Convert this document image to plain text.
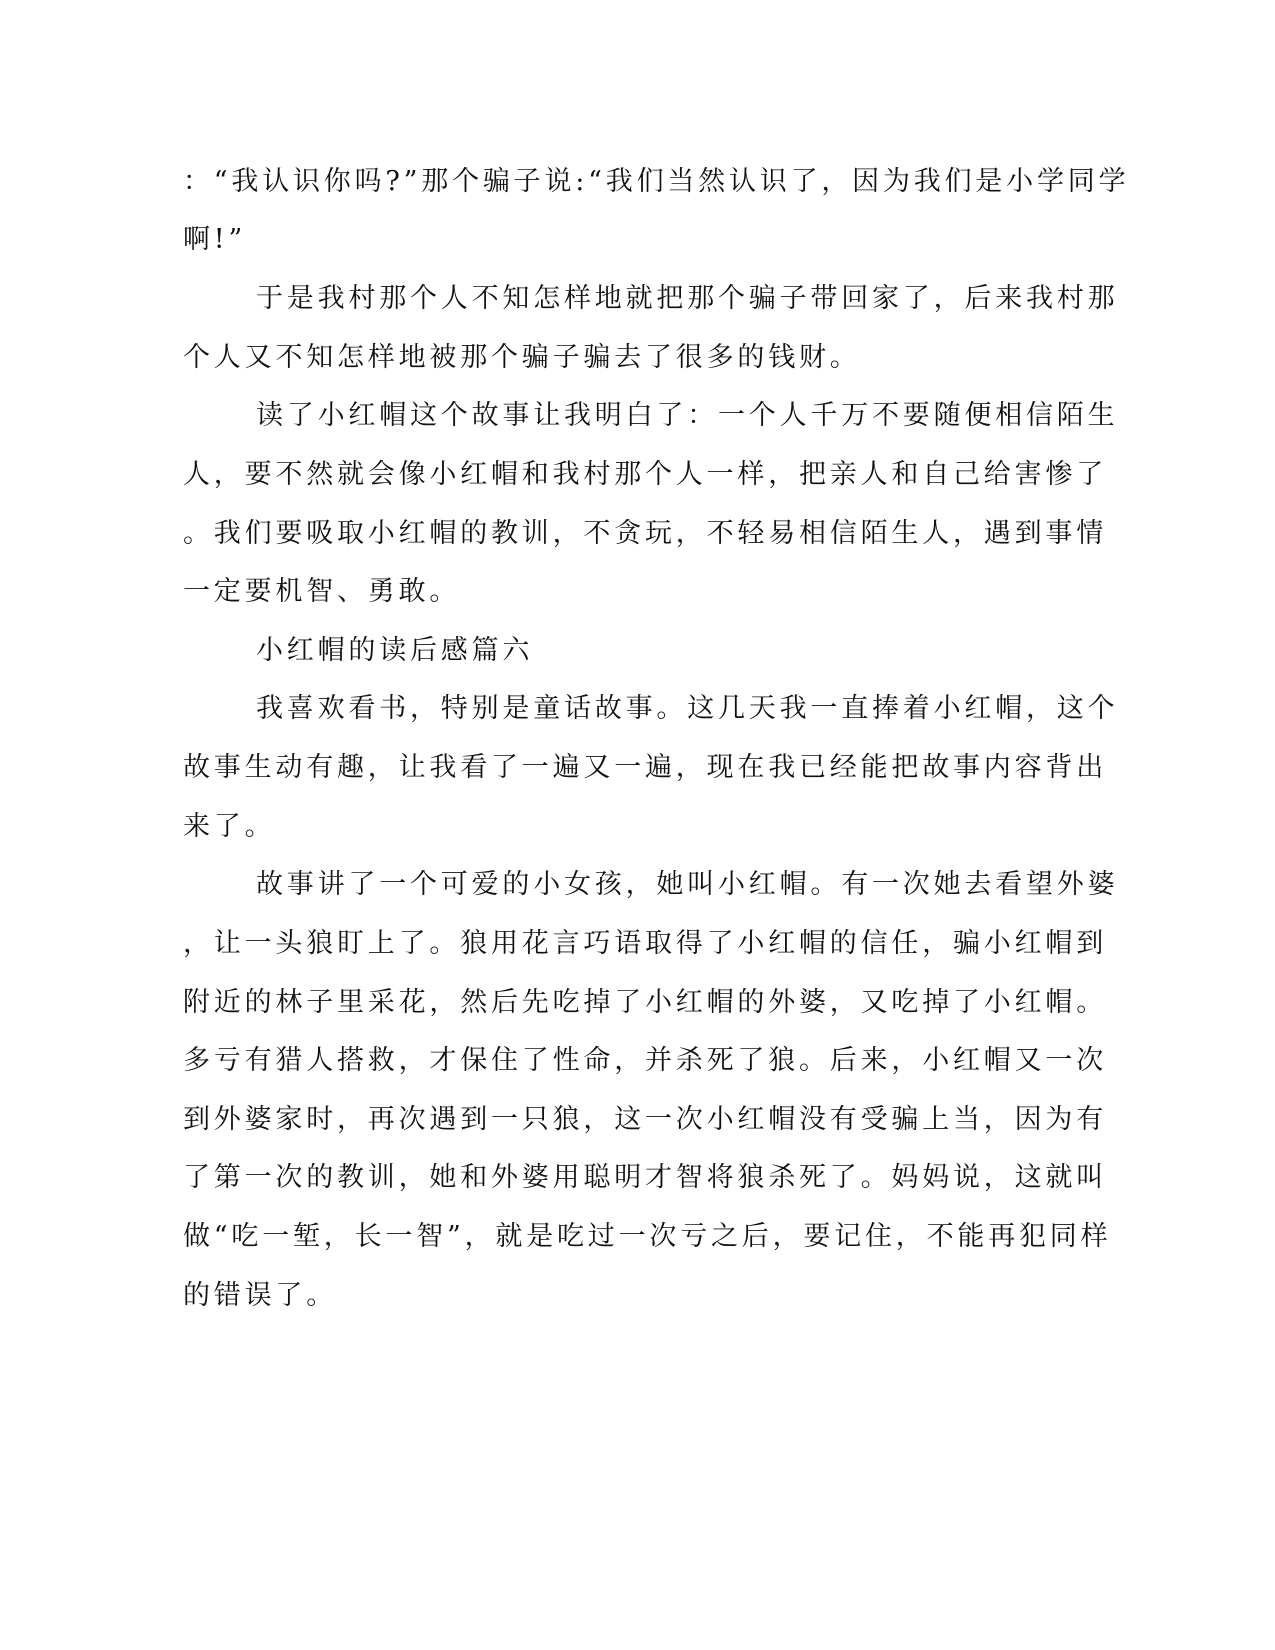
：“我认识你吗?”那个骗子说:“我们当然认识了，因为我们是小学同学
啊!”
于是我村那个人不知怎样地就把那个骗子带回家了，后来我村那
个人又不知怎样地被那个骗子骗去了很多的钱财。
读了小红帽这个故事让我明白了：一个人千万不要随便相信陌生
人，要不然就会像小红帽和我村那个人一样，把亲人和自己给害惨了
。我们要吸取小红帽的教训，不贪玩，不轻易相信陌生人，遇到事情
一定要机智、勇敢。
小红帽的读后感篇六
我喜欢看书，特别是童话故事。这几天我一直捧着小红帽，这个
故事生动有趣，让我看了一遍又一遍，现在我已经能把故事内容背出
来了。
故事讲了一个可爱的小女孩，她叫小红帽。有一次她去看望外婆
，让一头狼盯上了。狼用花言巧语取得了小红帽的信任，骗小红帽到
附近的林子里采花，然后先吃掉了小红帽的外婆，又吃掉了小红帽。
多亏有猎人搭救，才保住了性命，并杀死了狼。后来，小红帽又一次
到外婆家时，再次遇到一只狼，这一次小红帽没有受骗上当，因为有
了第一次的教训，她和外婆用聪明才智将狼杀死了。妈妈说，这就叫
做“吃一堑，长一智”，就是吃过一次亏之后，要记住，不能再犯同样
的错误了。
